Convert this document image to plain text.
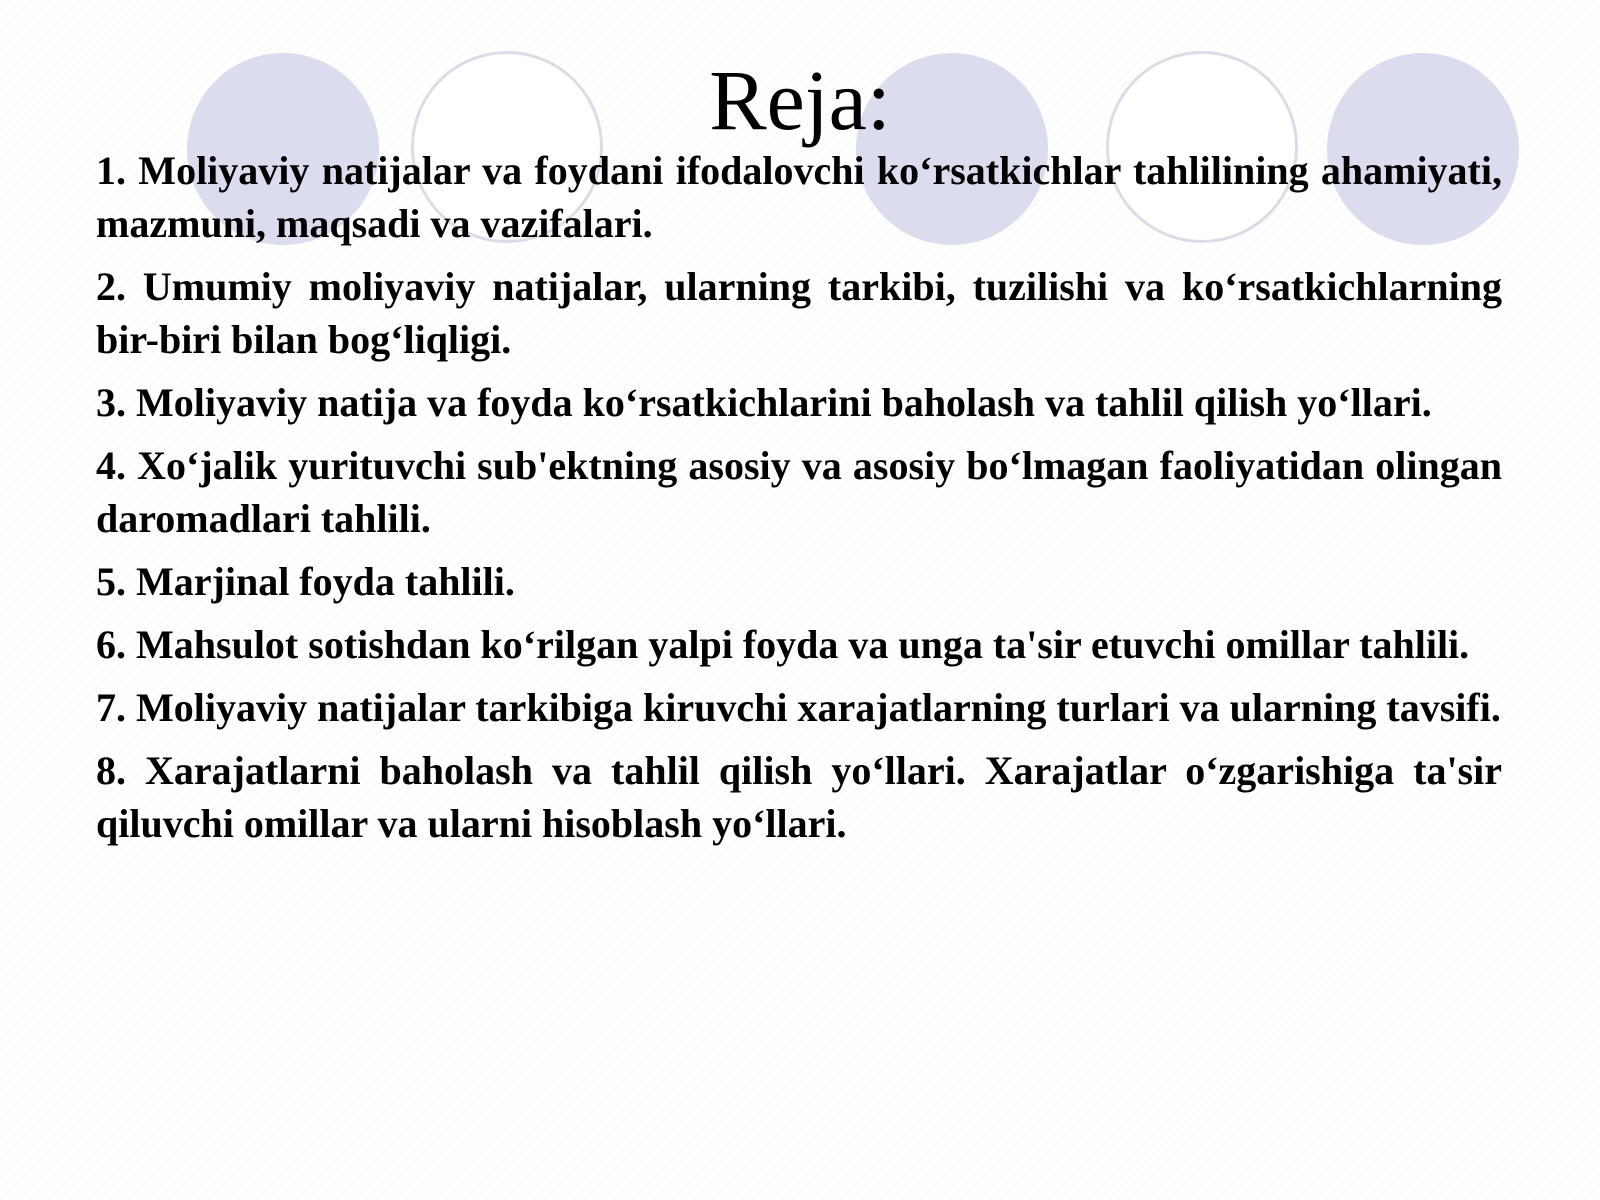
Reja:
1. Moliyaviy natijalar va foydani ifodalovchi ko‘rsatkichlar tahlilining ahamiyati, mazmuni, maqsadi va vazifalari.
2. Umumiy moliyaviy natijalar, ularning tarkibi, tuzilishi va ko‘rsatkichlarning bir-biri bilan bog‘liqligi.
3. Moliyaviy natija va foyda ko‘rsatkichlarini baholash va tahlil qilish yo‘llari.
4. Xo‘jalik yurituvchi sub'ektning asosiy va asosiy bo‘lmagan faoliyatidan olingan daromadlari tahlili.
5. Marjinal foyda tahlili.
6. Mahsulot sotishdan ko‘rilgan yalpi foyda va unga ta'sir etuvchi omillar tahlili.
7. Moliyaviy natijalar tarkibiga kiruvchi xarajatlarning turlari va ularning tavsifi.
8. Xarajatlarni baholash va tahlil qilish yo‘llari. Xarajatlar o‘zgarishiga ta'sir qiluvchi omillar va ularni hisoblash yo‘llari.
